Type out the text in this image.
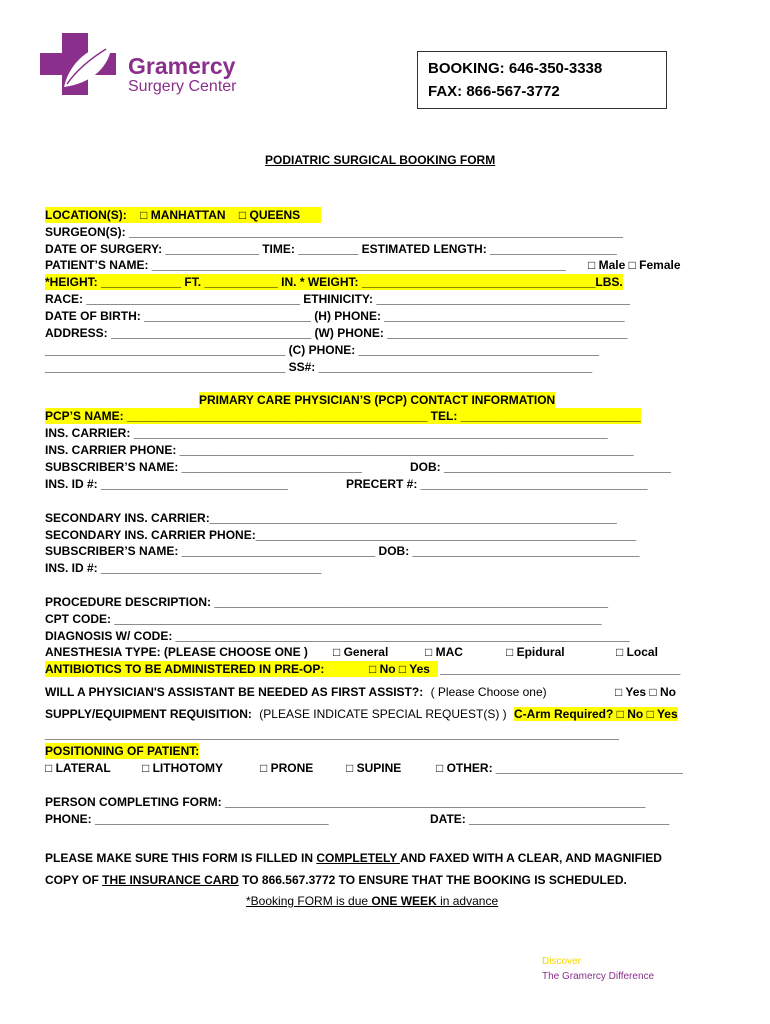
Gramercy
Surgery Center
BOOKING: 646-350-3338
FAX: 866-567-3772
PODIATRIC SURGICAL BOOKING FORM
LOCATION(S): □ MANHATTAN □ QUEENS
SURGEON(S): __________________________________________________________________________
DATE OF SURGERY: ______________ TIME: _________ ESTIMATED LENGTH: ___________________
PATIENT’S NAME: ______________________________________________________________ □ Male □ Female
*HEIGHT: ____________ FT. ___________ IN. * WEIGHT: ___________________________________LBS.
RACE: ________________________________ ETHINICITY: ______________________________________
DATE OF BIRTH: _________________________ (H) PHONE: ____________________________________
ADDRESS: ______________________________ (W) PHONE: ____________________________________
____________________________________ (C) PHONE: ____________________________________
____________________________________ SS#: _________________________________________
PRIMARY CARE PHYSICIAN’S (PCP) CONTACT INFORMATION
PCP’S NAME: _____________________________________________ TEL: ___________________________
INS. CARRIER: _______________________________________________________________________
INS. CARRIER PHONE: ____________________________________________________________________
SUBSCRIBER’S NAME: ___________________________	DOB: __________________________________
INS. ID #: ____________________________	PRECERT #: __________________________________
SECONDARY INS. CARRIER:_____________________________________________________________
SECONDARY INS. CARRIER PHONE:_________________________________________________________
SUBSCRIBER’S NAME: _____________________________ DOB: __________________________________
INS. ID #: _________________________________
PROCEDURE DESCRIPTION: ___________________________________________________________
CPT CODE: _________________________________________________________________________
DIAGNOSIS W/ CODE: ____________________________________________________________________
ANESTHESIA TYPE: (PLEASE CHOOSE ONE ) □ General	□ MAC	□ Epidural	□ Local
ANTIBIOTICS TO BE ADMINISTERED IN PRE-OP:	□ No □ Yes ____________________________________
WILL A PHYSICIAN'S ASSISTANT BE NEEDED AS FIRST ASSIST?: ( Please Choose one)	□ Yes □ No
SUPPLY/EQUIPMENT REQUISITION: (PLEASE INDICATE SPECIAL REQUEST(S) ) C-Arm Required? □ No □ Yes
______________________________________________________________________________________
POSITIONING OF PATIENT:
□ LATERAL	□ LITHOTOMY	□ PRONE	□ SUPINE	□ OTHER: ____________________________
PERSON COMPLETING FORM: _______________________________________________________________
PHONE: ___________________________________	DATE: ______________________________
PLEASE MAKE SURE THIS FORM IS FILLED IN COMPLETELY AND FAXED WITH A CLEAR, AND MAGNIFIED
COPY OF THE INSURANCE CARD TO 866.567.3772 TO ENSURE THAT THE BOOKING IS SCHEDULED.
*Booking FORM is due ONE WEEK in advance
Discover
The Gramercy Difference
